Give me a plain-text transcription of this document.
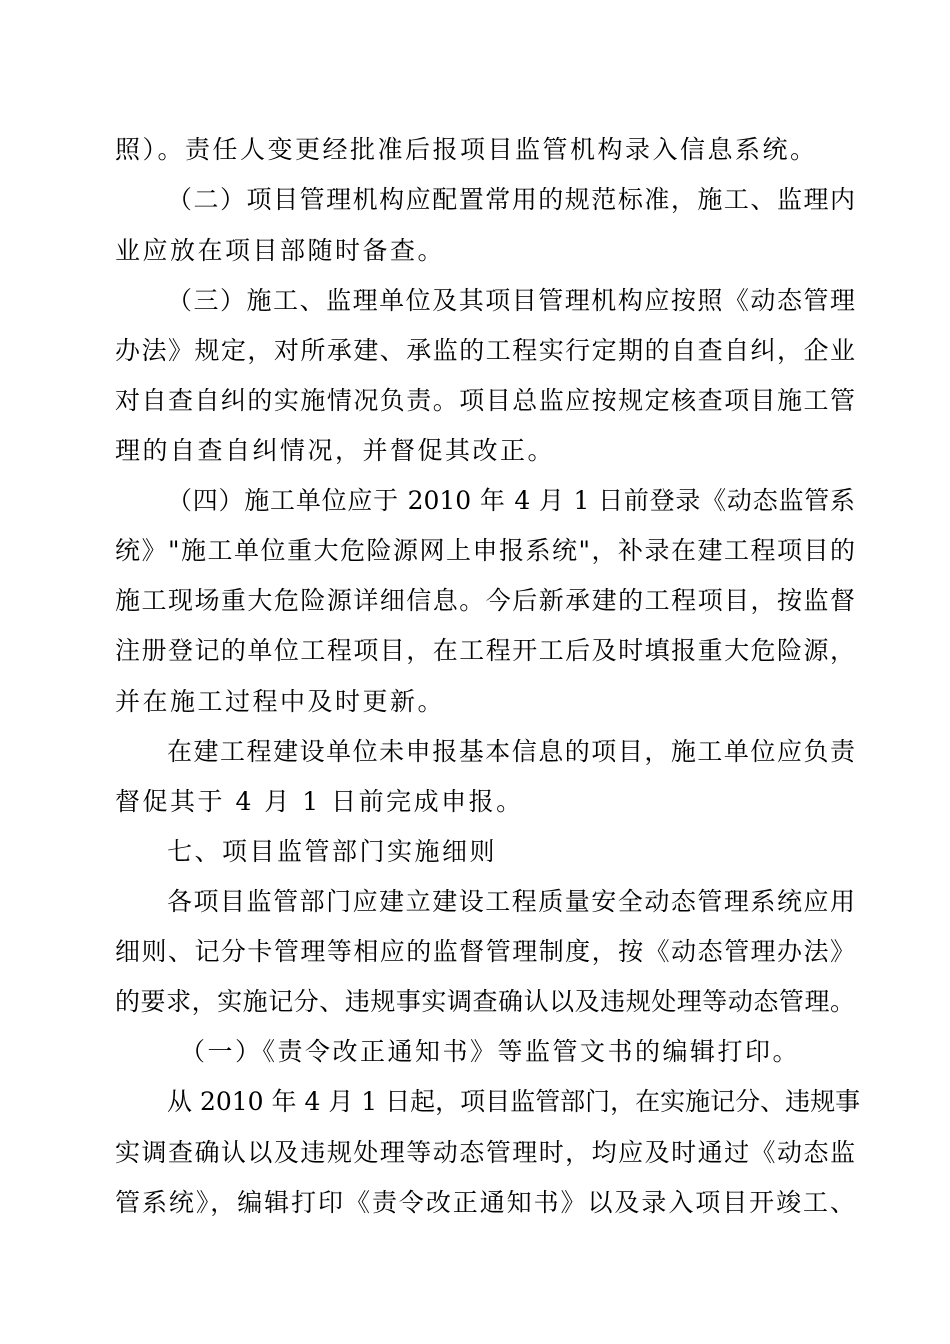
照）。责任人变更经批准后报项目监管机构录入信息系统。
（二）项目管理机构应配置常用的规范标准，施工、监理内
业应放在项目部随时备查。
（三）施工、监理单位及其项目管理机构应按照《动态管理
办法》规定，对所承建、承监的工程实行定期的自查自纠，企业
对自查自纠的实施情况负责。项目总监应按规定核查项目施工管
理的自查自纠情况，并督促其改正。
（四）施工单位应于 2010 年 4 月 1 日前登录《动态监管系
统》"施工单位重大危险源网上申报系统"，补录在建工程项目的
施工现场重大危险源详细信息。今后新承建的工程项目，按监督
注册登记的单位工程项目，在工程开工后及时填报重大危险源，
并在施工过程中及时更新。
在建工程建设单位未申报基本信息的项目，施工单位应负责
督促其于 4 月 1 日前完成申报。
七、项目监管部门实施细则
各项目监管部门应建立建设工程质量安全动态管理系统应用
细则、记分卡管理等相应的监督管理制度，按《动态管理办法》
的要求，实施记分、违规事实调查确认以及违规处理等动态管理。
（一）《责令改正通知书》等监管文书的编辑打印。
从 2010 年 4 月 1 日起，项目监管部门，在实施记分、违规事
实调查确认以及违规处理等动态管理时，均应及时通过《动态监
管系统》，编辑打印《责令改正通知书》以及录入项目开竣工、
